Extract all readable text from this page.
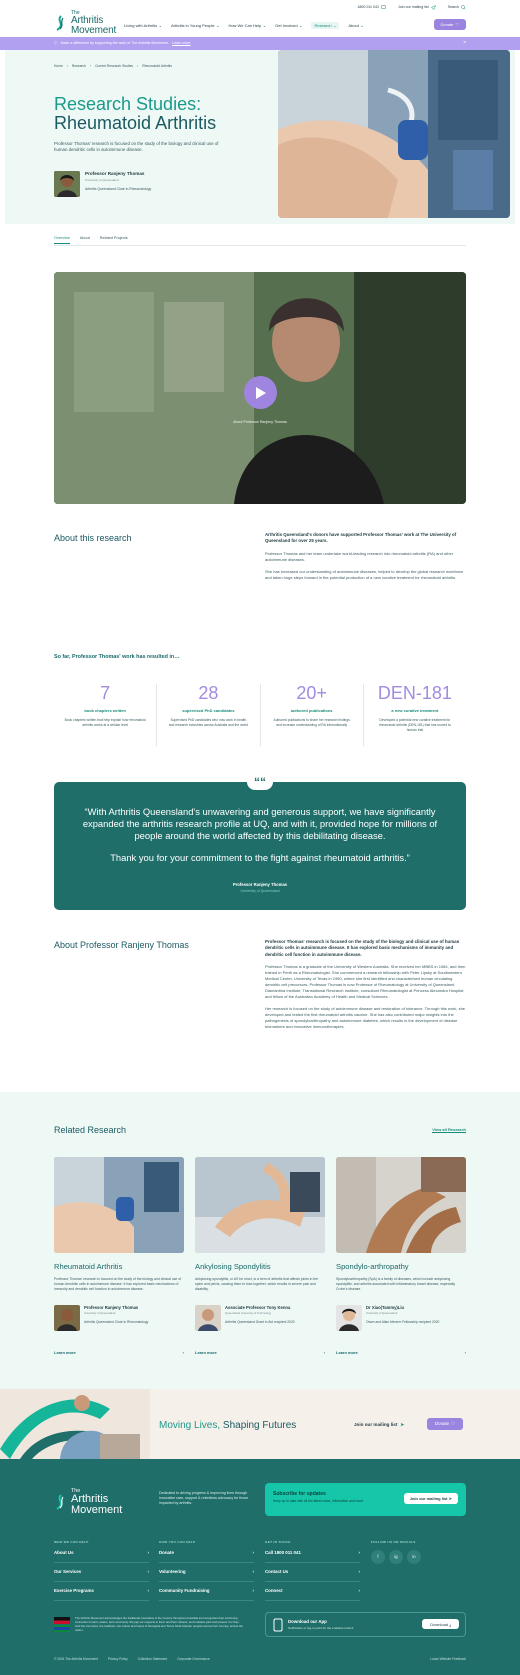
The
Arthritis
Movement
1800 011 041	Join our mailing list	Search
Living with Arthritis ⌄ Arthritis in Young People ⌄ How We Can Help ⌄ Get Involved ⌄	Research ⌄	About ⌄	Donate ♡
ⓘ Make a difference by supporting the work of The Arthritis Movement. Learn more	×
Home › Research › Current Research Studies › Rheumatoid Arthritis
Research Studies:
Rheumatoid Arthritis
Professor Thomas' research is focused on the study of the biology and clinical use of human dendritic cells in autoimmune disease.
Professor Ranjeny Thomas
University of Queensland
Arthritis Queensland Chair in Rheumatology
Overview	About	Related Projects
About Professor Ranjeny Thomas
About this research	Arthritis Queensland's donors have supported Professor Thomas' work at The University of Queensland for over 25 years.

Professor Thomas and her team undertake world-leading research into rheumatoid arthritis (RA) and other autoimmune diseases.

She has increased our understanding of autoimmune diseases, helped to develop the global research workforce and taken huge steps forward in the potential production of a new curative treatment for rheumatoid arthritis.

So far, Professor Thomas' work has resulted in…
7
book chapters written
Book chapters written that help explain how rheumatoid arthritis works at a cellular level
28
supervised PhD candidates
Supervised PhD candidates who now work in health and research industries across Australia and the world
20+
authored publications
Authored publications to share her research findings and increase understanding of RA internationally
DEN-181
a new curative treatment
Developed a potential new curative treatment for rheumatoid arthritis (DEN-181) that has moved to human trial
““
“With Arthritis Queensland's unwavering and generous support, we have significantly expanded the arthritis research profile at UQ, and with it, provided hope for millions of people around the world affected by this debilitating disease.
Thank you for your commitment to the fight against rheumatoid arthritis.”
Professor Ranjeny Thomas
University of Queensland
About Professor Ranjeny Thomas	Professor Thomas' research is focused on the study of the biology and clinical use of human dendritic cells in autoimmune disease. It has explored basic mechanisms of immunity and dendritic cell function in autoimmune disease.

Professor Thomas is a graduate of the University of Western Australia. She received her MBBS in 1984, and then trained in Perth as a Rheumatologist. She commenced a research fellowship with Peter Lipsky at Southwestern Medical Center, University of Texas in 1990, where she first identified and characterised human circulating dendritic cell precursors. Professor Thomas is now Professor of Rheumatology at University of Queensland Diamantina Institute, Translational Research Institute, consultant Rheumatologist at Princess Alexandra Hospital and fellow of the Australian Academy of Health and Medical Sciences.

Her research is focused on the study of autoimmune disease and restoration of tolerance. Through this work, she developed and tested the first rheumatoid arthritis vaccine. She has also contributed major insights into the pathogenesis of spondyloarthropathy and autoimmune diabetes, which results in the development of disease biomarkers and innovative immunotherapies.

Related Research	View all Research
Rheumatoid Arthritis
Professor Thomas' research is focused on the study of the biology and clinical use of human dendritic cells in autoimmune disease. It has explored basic mechanisms of immunity and dendritic cell function in autoimmune disease.
Professor Ranjeny Thomas
University of Queensland
Arthritis Queensland Chair in Rheumatology
Learn more	›
Ankylosing Spondylitis
Ankylosing spondylitis, or AS for short, is a form of arthritis that affects joints in the spine and pelvis, causing them to fuse together, which results in severe pain and disability.
Associate Professor Tony Kenna
Queensland University of Technology
Arthritis Queensland Grant in Aid recipient 2020
Learn more	›
Spondylo-arthropathy
Spondyloarthropathy (SpA) is a family of diseases, which include ankylosing spondylitis, and arthritis associated with inflammatory bowel disease, especially Crohn's disease.
Dr Xiao(Tammy)Liu
University of Queensland
Owen and Allan Menner Fellowship recipient 2020
Learn more	›
Moving Lives, Shaping Futures	Join our mailing list ➤	Donate ♡
The
Arthritis
Movement
Dedicated to driving progress & improving lives through innovative care, support & relentless advocacy for those impacted by arthritis.
Subscribe for updates
Keep up to date with all the latest news, information and more	Join our mailing list ➤
WHO WE CAN HELP
About Us	›
Our Services	›
Exercise Programs	›
HOW YOU CAN HELP
Donate	›
Volunteering	›
Community Fundraising	›
GET IN TOUCH
Call 1800 011 041	›
Contact Us	›
Connect	›
FOLLOW US ON SOCIALS
f	ig	in
The Arthritis Movement acknowledges the traditional custodians of the Country throughout Australia and recognises their continuing connection to land, waters, and community. We pay our respects to them and their cultures, and to Elders past and present. For they hold the memories, the traditions, the culture and hopes of Aboriginal and Torres Strait Islander peoples across their Country, across the nation.
Download our App
Notification or log-in point for the enabled content
Download ⤓
© 2024 The Arthritis Movement	Privacy Policy	Collection Statement	Corporate Governance	Lucas Website Feedback
